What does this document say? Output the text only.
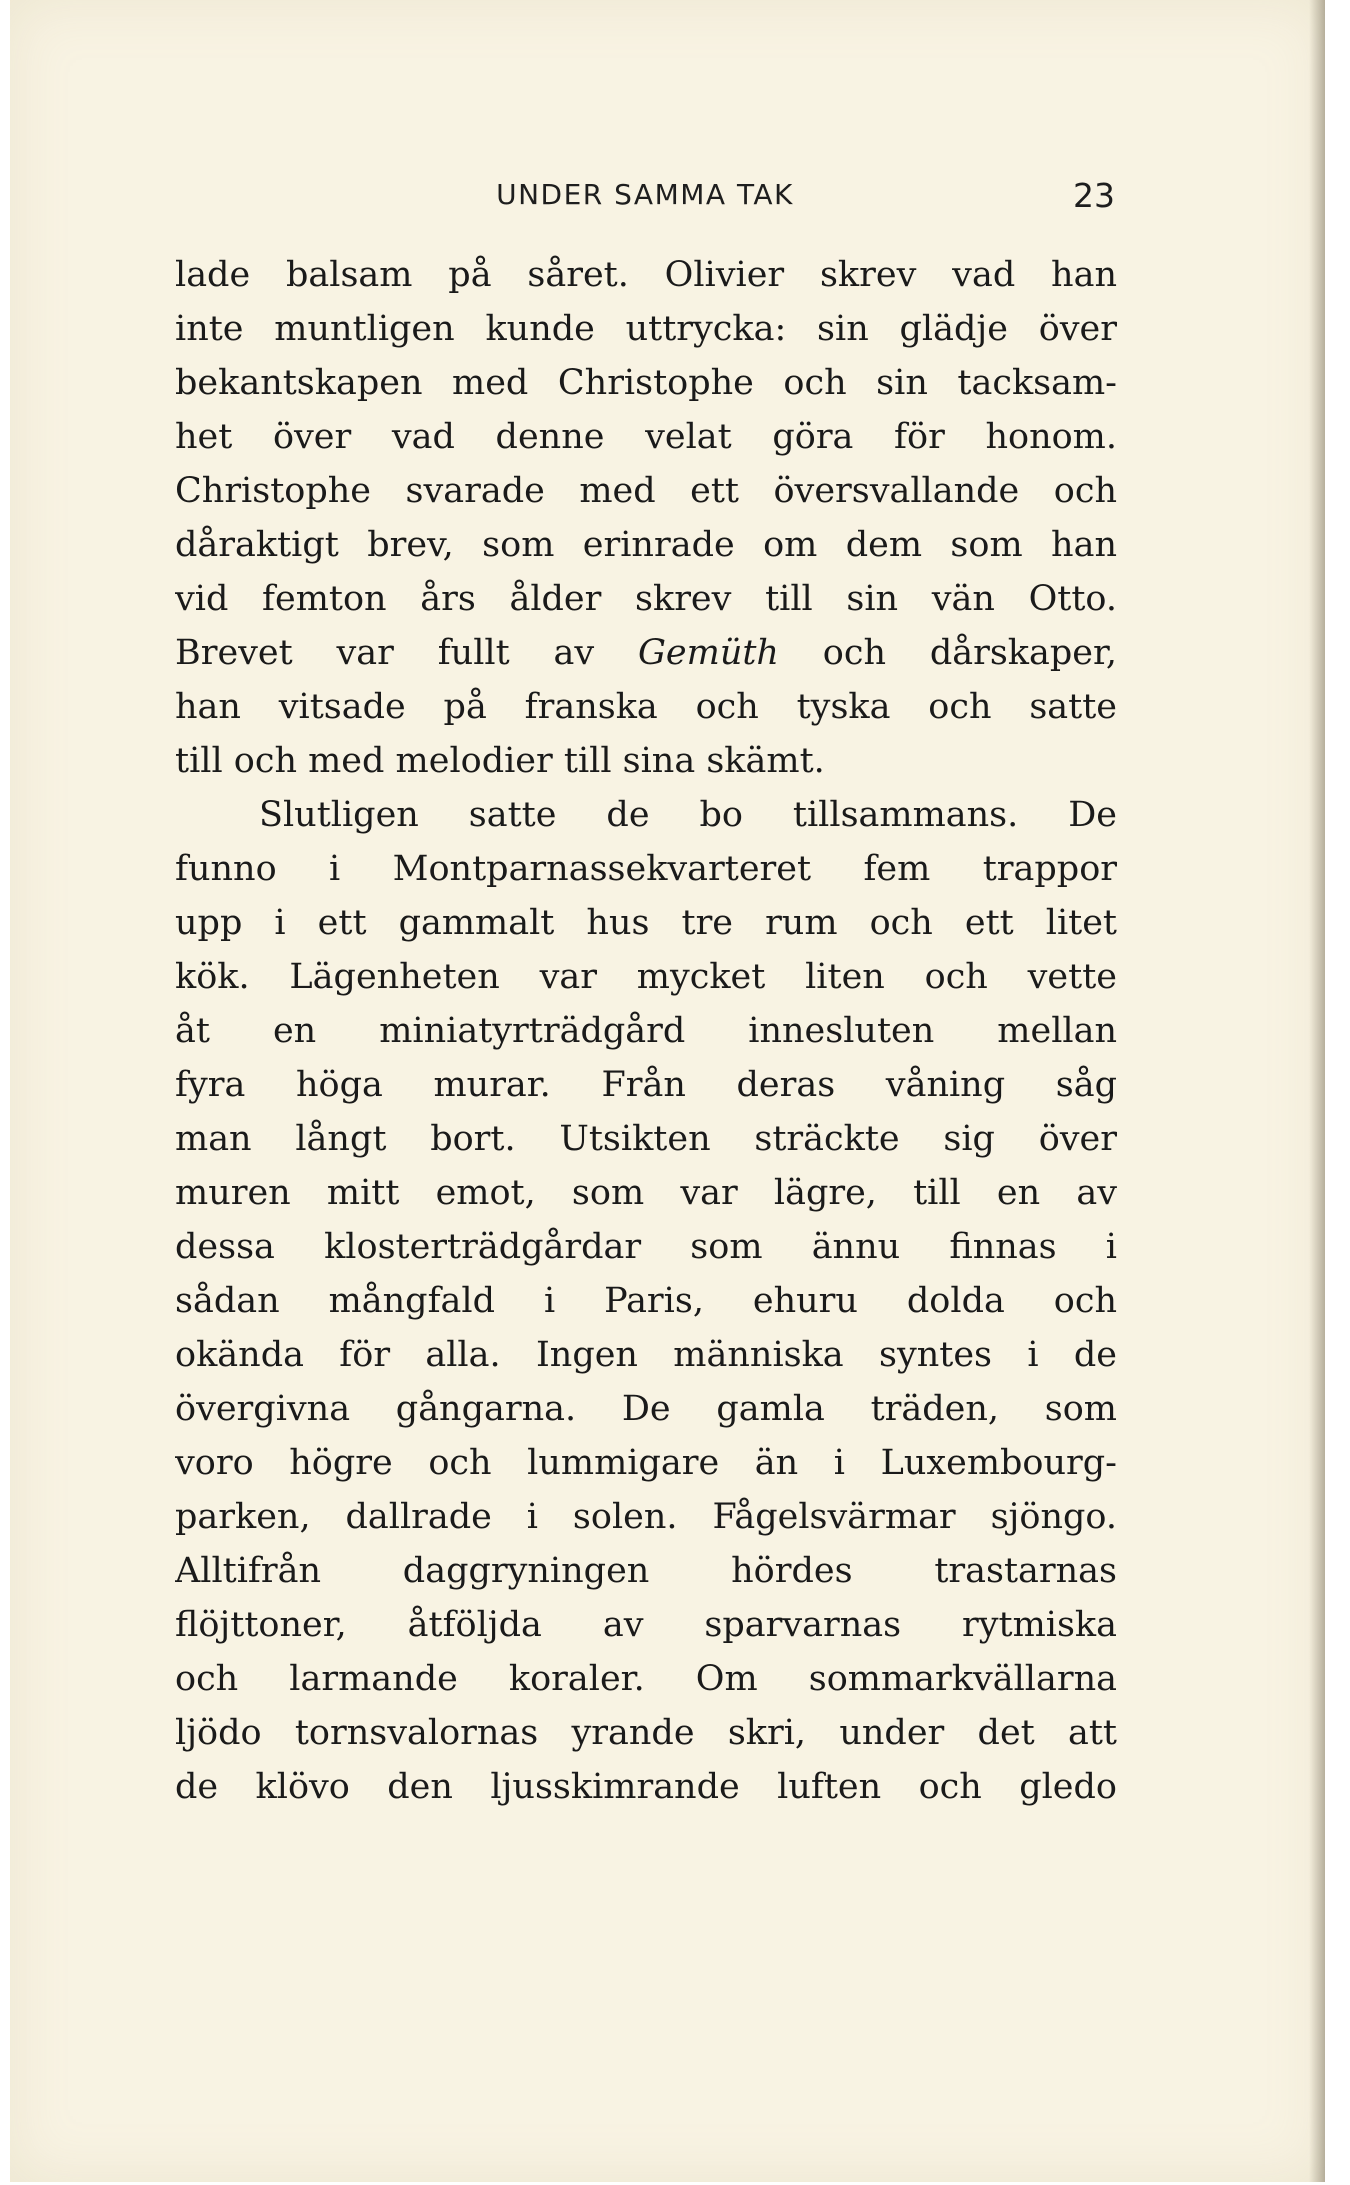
UNDER SAMMA TAK	23
lade balsam på såret. Olivier skrev vad han
inte muntligen kunde uttrycka: sin glädje över
bekantskapen med Christophe och sin tacksam-
het över vad denne velat göra för honom.
Christophe svarade med ett översvallande och
dåraktigt brev, som erinrade om dem som han
vid femton års ålder skrev till sin vän Otto.
Brevet var fullt av Gemüth och dårskaper,
han vitsade på franska och tyska och satte
till och med melodier till sina skämt.
Slutligen satte de bo tillsammans. De
funno i Montparnassekvarteret fem trappor
upp i ett gammalt hus tre rum och ett litet
kök. Lägenheten var mycket liten och vette
åt en miniatyrträdgård innesluten mellan
fyra höga murar. Från deras våning såg
man långt bort. Utsikten sträckte sig över
muren mitt emot, som var lägre, till en av
dessa klosterträdgårdar som ännu finnas i
sådan mångfald i Paris, ehuru dolda och
okända för alla. Ingen människa syntes i de
övergivna gångarna. De gamla träden, som
voro högre och lummigare än i Luxembourg-
parken, dallrade i solen. Fågelsvärmar sjöngo.
Alltifrån daggryningen hördes trastarnas
flöjttoner, åtföljda av sparvarnas rytmiska
och larmande koraler. Om sommarkvällarna
ljödo tornsvalornas yrande skri, under det att
de klövo den ljusskimrande luften och gledo
